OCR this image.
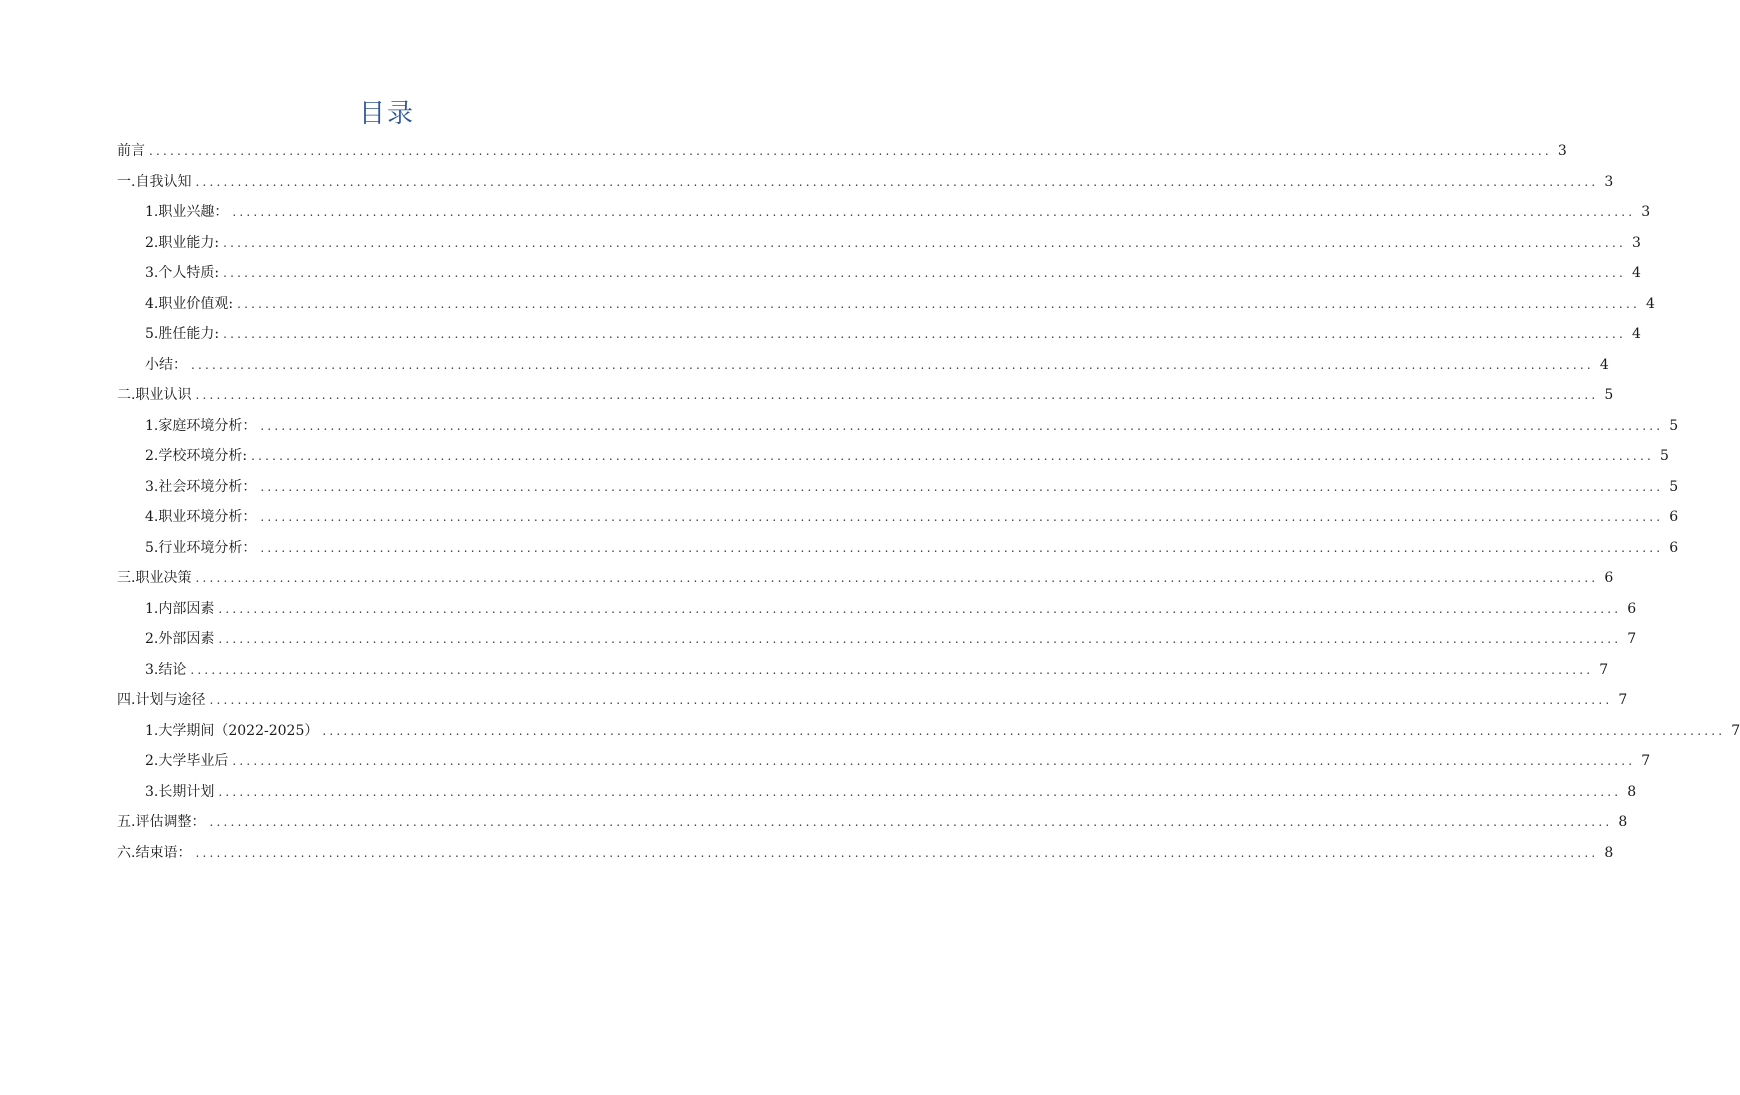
目录
前言 ........................................................................................................................................................................................................ 3
一.自我认知 ........................................................................................................................................................................................................ 3
1.职业兴趣： ........................................................................................................................................................................................................ 3
2.职业能力: ........................................................................................................................................................................................................ 3
3.个人特质: ........................................................................................................................................................................................................ 4
4.职业价值观: ........................................................................................................................................................................................................ 4
5.胜任能力: ........................................................................................................................................................................................................ 4
小结： ........................................................................................................................................................................................................ 4
二.职业认识 ........................................................................................................................................................................................................ 5
1.家庭环境分析： ........................................................................................................................................................................................................ 5
2.学校环境分析: ........................................................................................................................................................................................................ 5
3.社会环境分析： ........................................................................................................................................................................................................ 5
4.职业环境分析： ........................................................................................................................................................................................................ 6
5.行业环境分析： ........................................................................................................................................................................................................ 6
三.职业决策 ........................................................................................................................................................................................................ 6
1.内部因素 ........................................................................................................................................................................................................ 6
2.外部因素 ........................................................................................................................................................................................................ 7
3.结论 ........................................................................................................................................................................................................ 7
四.计划与途径 ........................................................................................................................................................................................................ 7
1.大学期间（2022-2025） ........................................................................................................................................................................................................ 7
2.大学毕业后 ........................................................................................................................................................................................................ 7
3.长期计划 ........................................................................................................................................................................................................ 8
五.评估调整： ........................................................................................................................................................................................................ 8
六.结束语： ........................................................................................................................................................................................................ 8
